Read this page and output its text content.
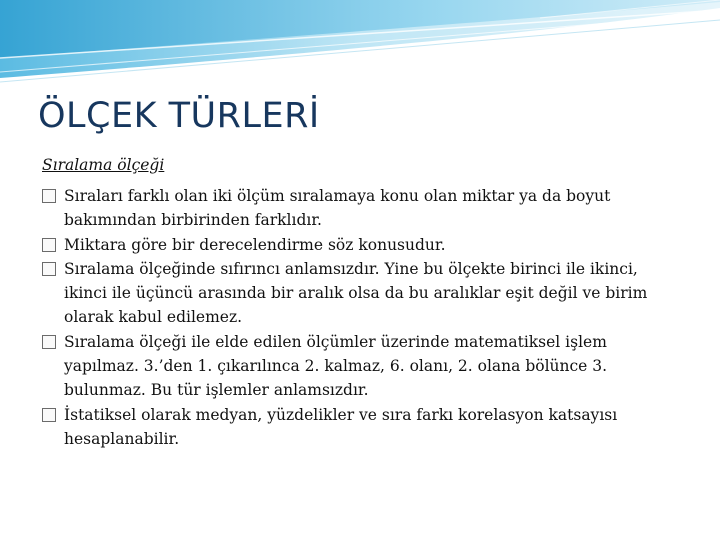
ÖLÇEK TÜRLERİ
Sıralama ölçeği
Sıraları farklı olan iki ölçüm sıralamaya konu olan miktar ya da boyut bakımından birbirinden farklıdır.
Miktara göre bir derecelendirme söz konusudur.
Sıralama ölçeğinde sıfırıncı anlamsızdır. Yine bu ölçekte birinci ile ikinci, ikinci ile üçüncü arasında bir aralık olsa da bu aralıklar eşit değil ve birim olarak kabul edilemez.
Sıralama ölçeği ile elde edilen ölçümler üzerinde matematiksel işlem yapılmaz. 3.’den 1. çıkarılınca 2. kalmaz, 6. olanı, 2. olana bölünce 3. bulunmaz. Bu tür işlemler anlamsızdır.
İstatiksel olarak medyan, yüzdelikler ve sıra farkı korelasyon katsayısı hesaplanabilir.
